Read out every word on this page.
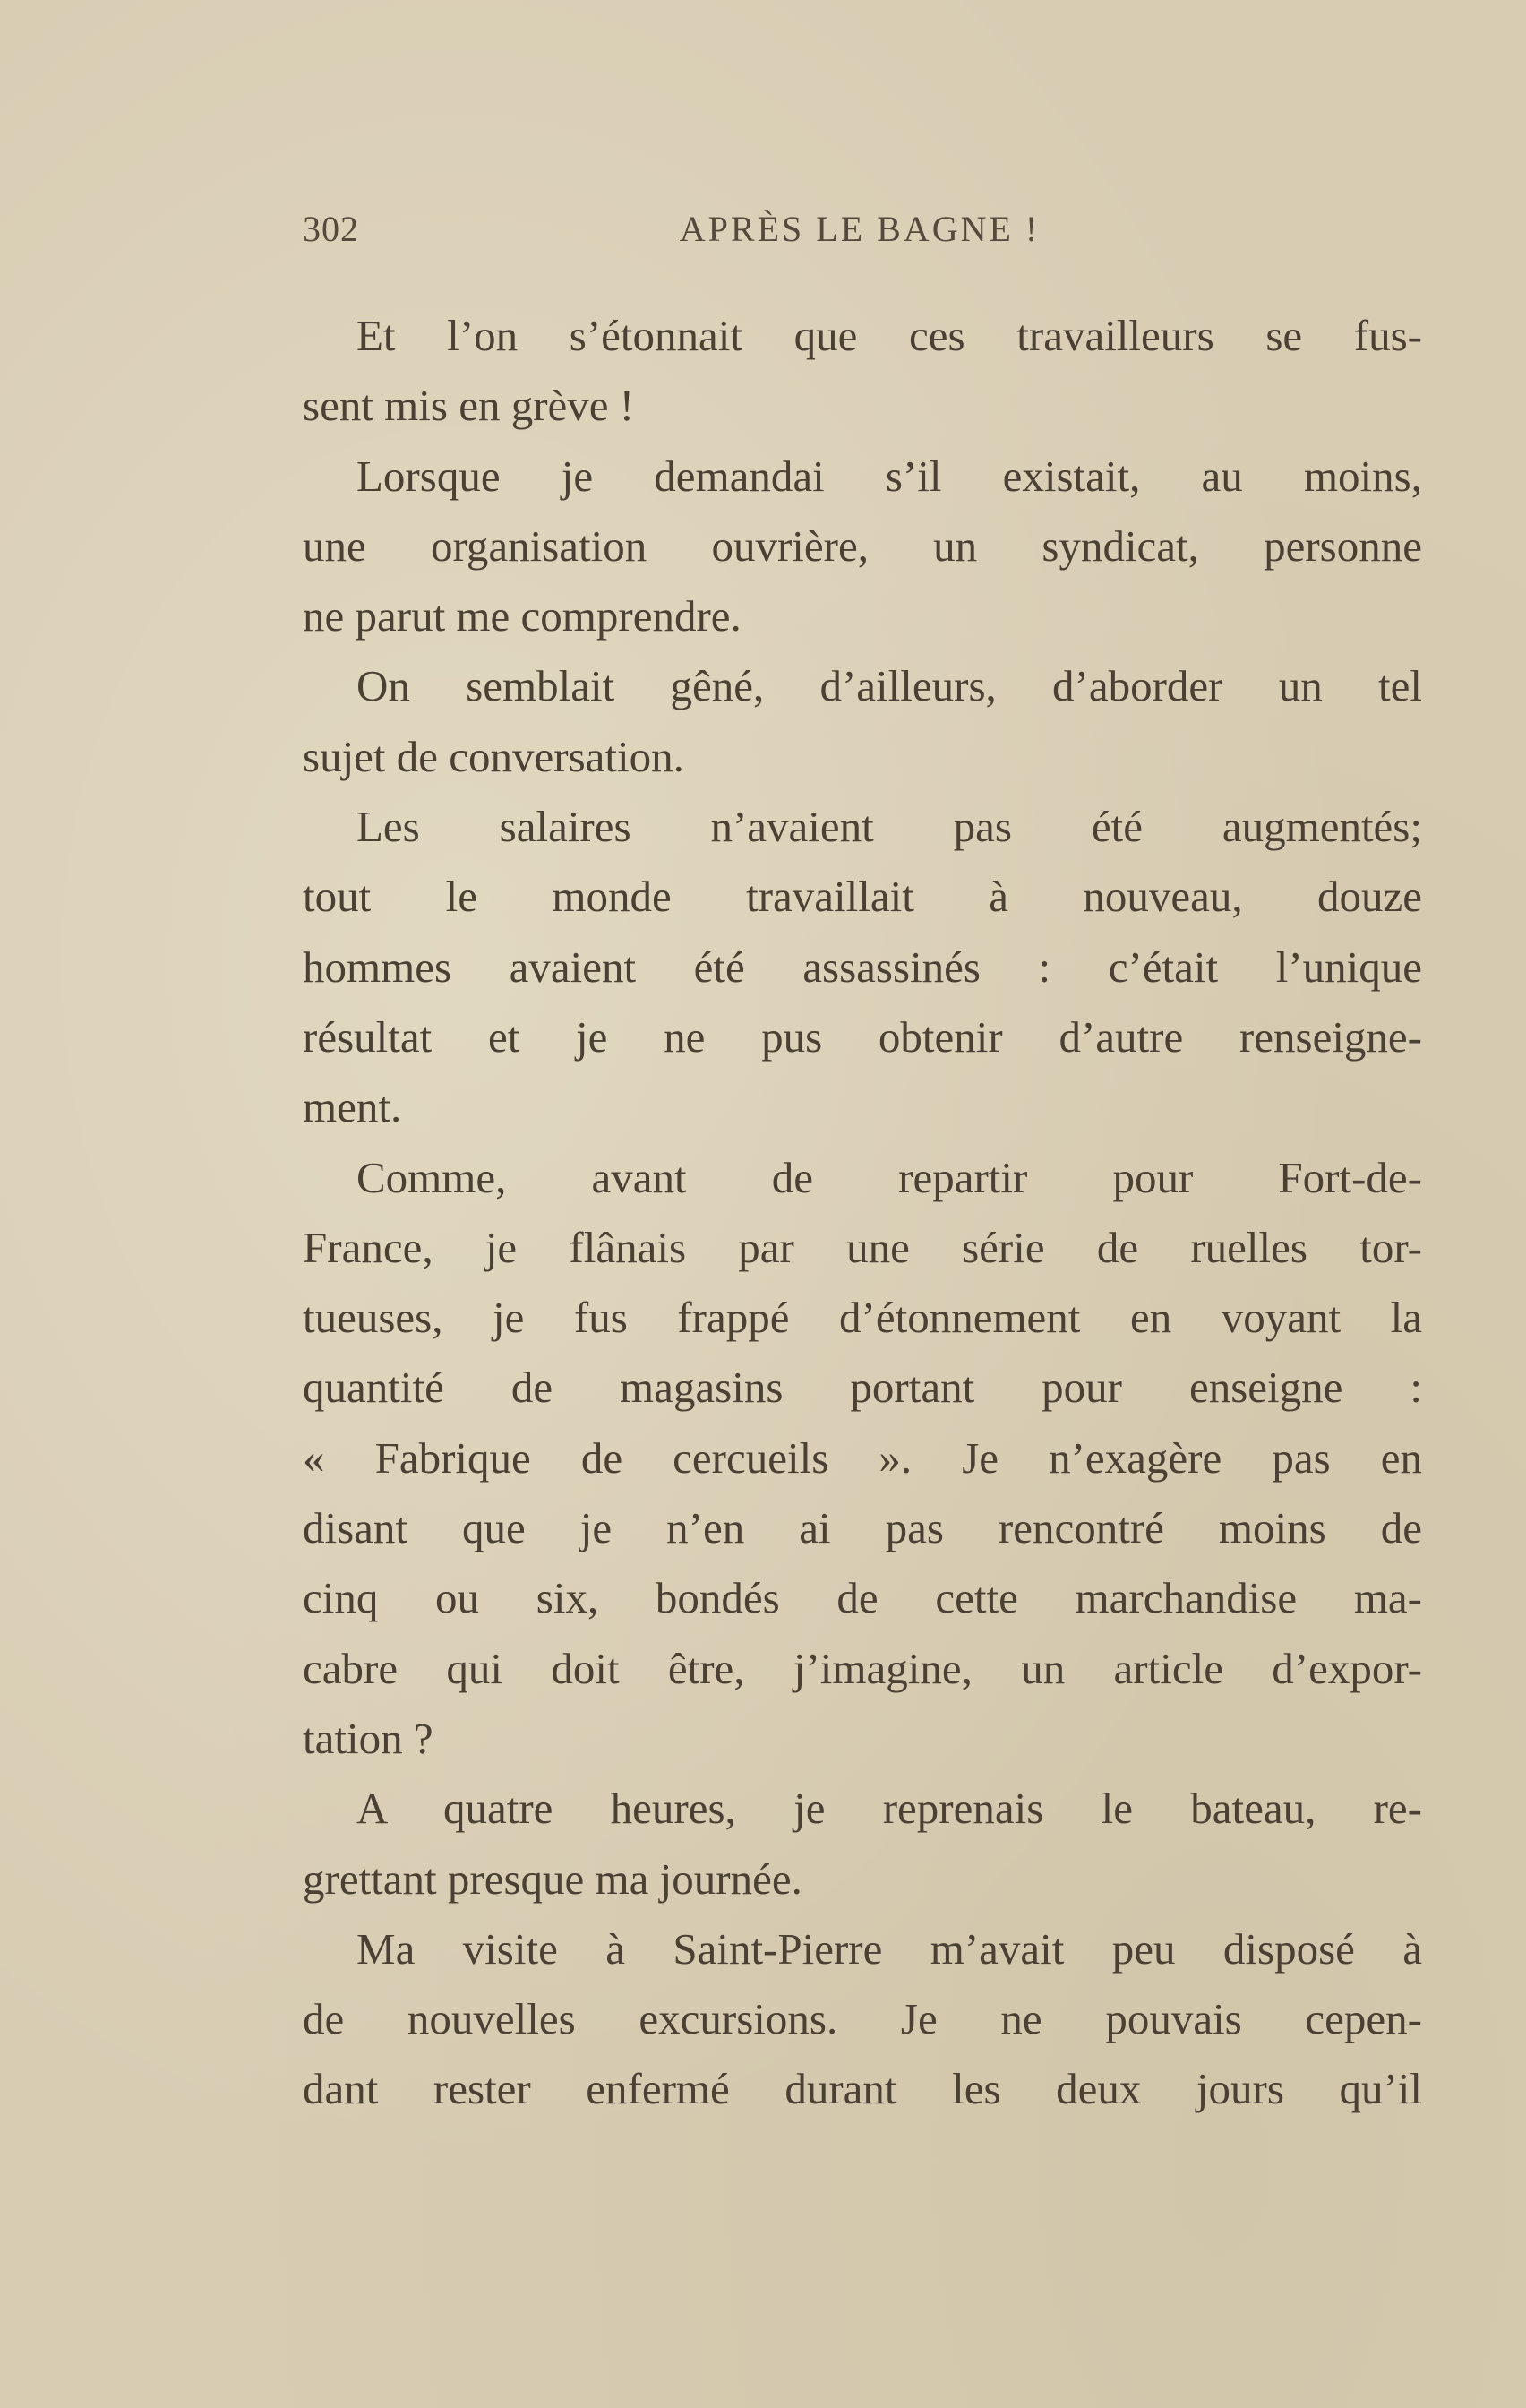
302	APRÈS LE BAGNE !
Et l’on s’étonnait que ces travailleurs se fus-
sent mis en grève !
Lorsque je demandai s’il existait, au moins,
une organisation ouvrière, un syndicat, personne
ne parut me comprendre.
On semblait gêné, d’ailleurs, d’aborder un tel
sujet de conversation.
Les salaires n’avaient pas été augmentés;
tout le monde travaillait à nouveau, douze
hommes avaient été assassinés : c’était l’unique
résultat et je ne pus obtenir d’autre renseigne-
ment.
Comme, avant de repartir pour Fort-de-
France, je flânais par une série de ruelles tor-
tueuses, je fus frappé d’étonnement en voyant la
quantité de magasins portant pour enseigne :
« Fabrique de cercueils ». Je n’exagère pas en
disant que je n’en ai pas rencontré moins de
cinq ou six, bondés de cette marchandise ma-
cabre qui doit être, j’imagine, un article d’expor-
tation ?
A quatre heures, je reprenais le bateau, re-
grettant presque ma journée.
Ma visite à Saint-Pierre m’avait peu disposé à
de nouvelles excursions. Je ne pouvais cepen-
dant rester enfermé durant les deux jours qu’il
